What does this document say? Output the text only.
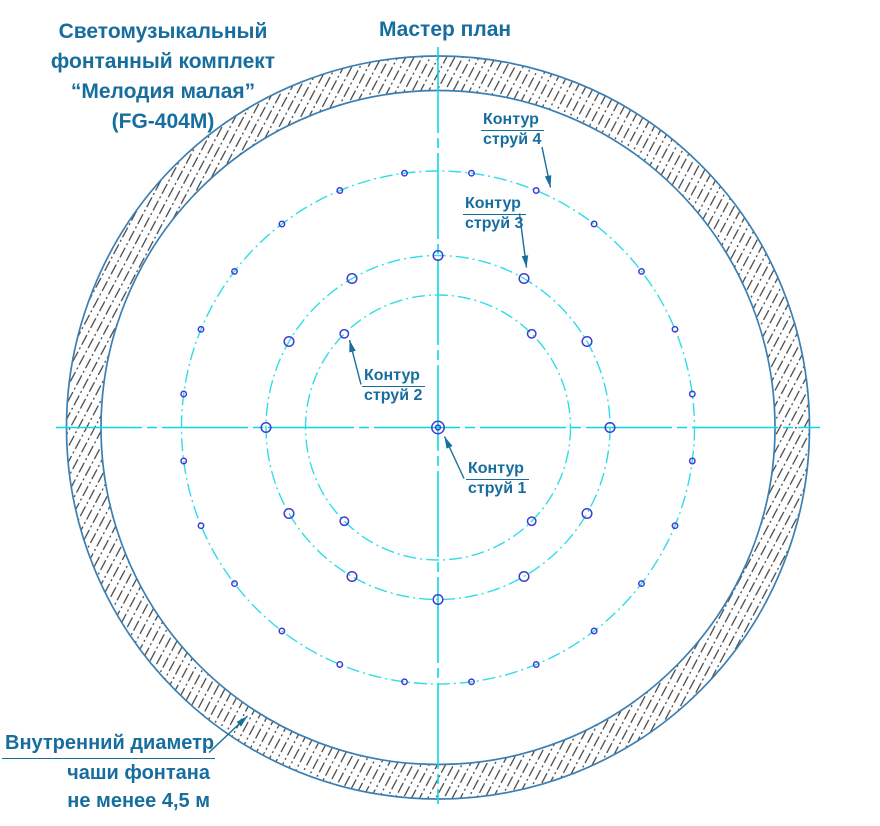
Светомузыкальный
фонтанный комплект
“Мелодия малая”
(FG-404M)
Мастер план
Контур
струй 4
Контур
струй 3
Контур
струй 2
Контур
струй 1
Внутренний диаметр
чаши фонтана
не менее 4,5 м
